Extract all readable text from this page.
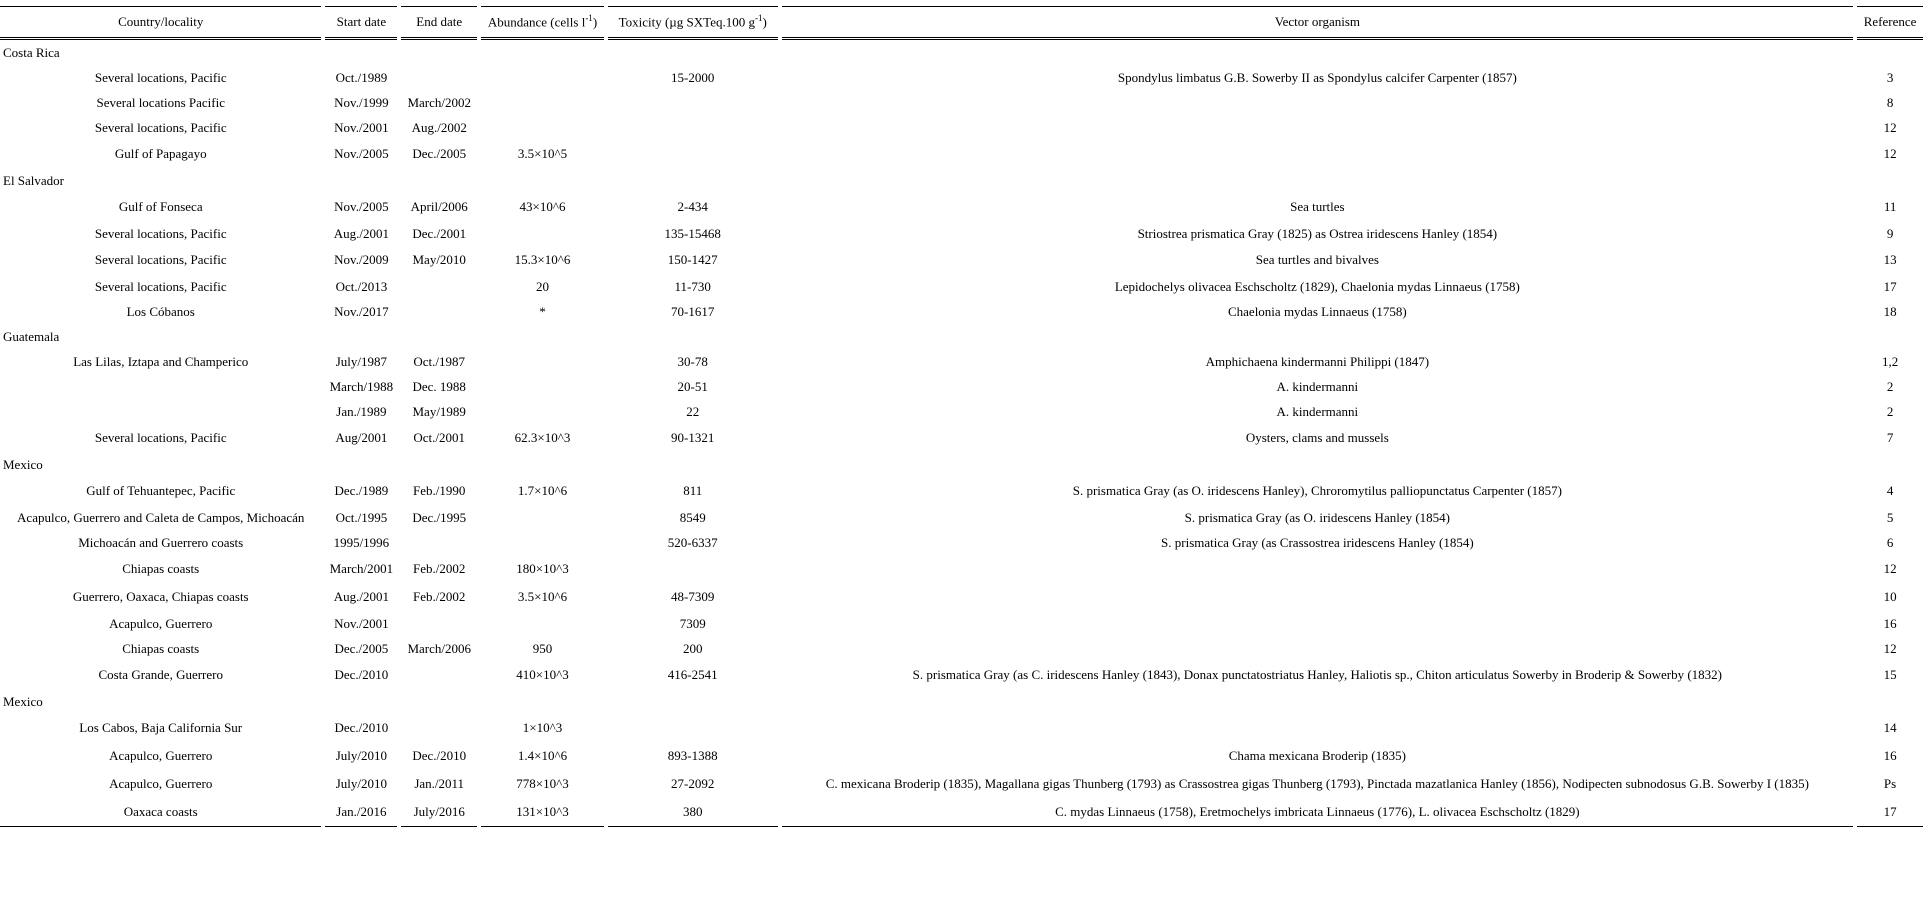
Country/locality	Start date	End date	Abundance (cells $l^{-1}$)	Toxicity (µg SXTeq.100 $g^{-1}$)	Vector organism	Reference
Costa Rica						
Several locations, Pacific	Oct./1989			15-2000	Spondylus limbatus G.B. Sowerby II as Spondylus calcifer Carpenter (1857)	3
Several locations Pacific	Nov./1999	March/2002				8
Several locations, Pacific	Nov./2001	Aug./2002				12
Gulf of Papagayo	Nov./2005	Dec./2005	3.5×10^5			12
El Salvador						
Gulf of Fonseca	Nov./2005	April/2006	43×10^6	2-434	Sea turtles	11
Several locations, Pacific	Aug./2001	Dec./2001		135-15468	Striostrea prismatica Gray (1825) as Ostrea iridescens Hanley (1854)	9
Several locations, Pacific	Nov./2009	May/2010	15.3×10^6	150-1427	Sea turtles and bivalves	13
Several locations, Pacific	Oct./2013		20	11-730	Lepidochelys olivacea Eschscholtz (1829), Chaelonia mydas Linnaeus (1758)	17
Los Cóbanos	Nov./2017		*	70-1617	Chaelonia mydas Linnaeus (1758)	18
Guatemala						
Las Lilas, Iztapa and Champerico	July/1987	Oct./1987		30-78	Amphichaena kindermanni Philippi (1847)	1,2
	March/1988	Dec. 1988		20-51	A. kindermanni	2
	Jan./1989	May/1989		22	A. kindermanni	2
Several locations, Pacific	Aug/2001	Oct./2001	62.3×10^3	90-1321	Oysters, clams and mussels	7
Mexico						
Gulf of Tehuantepec, Pacific	Dec./1989	Feb./1990	1.7×10^6	811	S. prismatica Gray (as O. iridescens Hanley), Chroromytilus palliopunctatus Carpenter (1857)	4
Acapulco, Guerrero and Caleta de Campos, Michoacán	Oct./1995	Dec./1995		8549	S. prismatica Gray (as O. iridescens Hanley (1854)	5
Michoacán and Guerrero coasts	1995/1996			520-6337	S. prismatica Gray (as Crassostrea iridescens Hanley (1854)	6
Chiapas coasts	March/2001	Feb./2002	180×10^3			12
Guerrero, Oaxaca, Chiapas coasts	Aug./2001	Feb./2002	3.5×10^6	48-7309		10
Acapulco, Guerrero	Nov./2001			7309		16
Chiapas coasts	Dec./2005	March/2006	950	200		12
Costa Grande, Guerrero	Dec./2010		410×10^3	416-2541	S. prismatica Gray (as C. iridescens Hanley (1843), Donax punctatostriatus Hanley, Haliotis sp., Chiton articulatus Sowerby in Broderip & Sowerby (1832)	15
Mexico						
Los Cabos, Baja California Sur	Dec./2010		1×10^3			14
Acapulco, Guerrero	July/2010	Dec./2010	1.4×10^6	893-1388	Chama mexicana Broderip (1835)	16
Acapulco, Guerrero	July/2010	Jan./2011	778×10^3	27-2092	C. mexicana Broderip (1835), Magallana gigas Thunberg (1793) as Crassostrea gigas Thunberg (1793), Pinctada mazatlanica Hanley (1856), Nodipecten subnodosus G.B. Sowerby I (1835)	Ps
Oaxaca coasts	Jan./2016	July/2016	131×10^3	380	C. mydas Linnaeus (1758), Eretmochelys imbricata Linnaeus (1776), L. olivacea Eschscholtz (1829)	17
